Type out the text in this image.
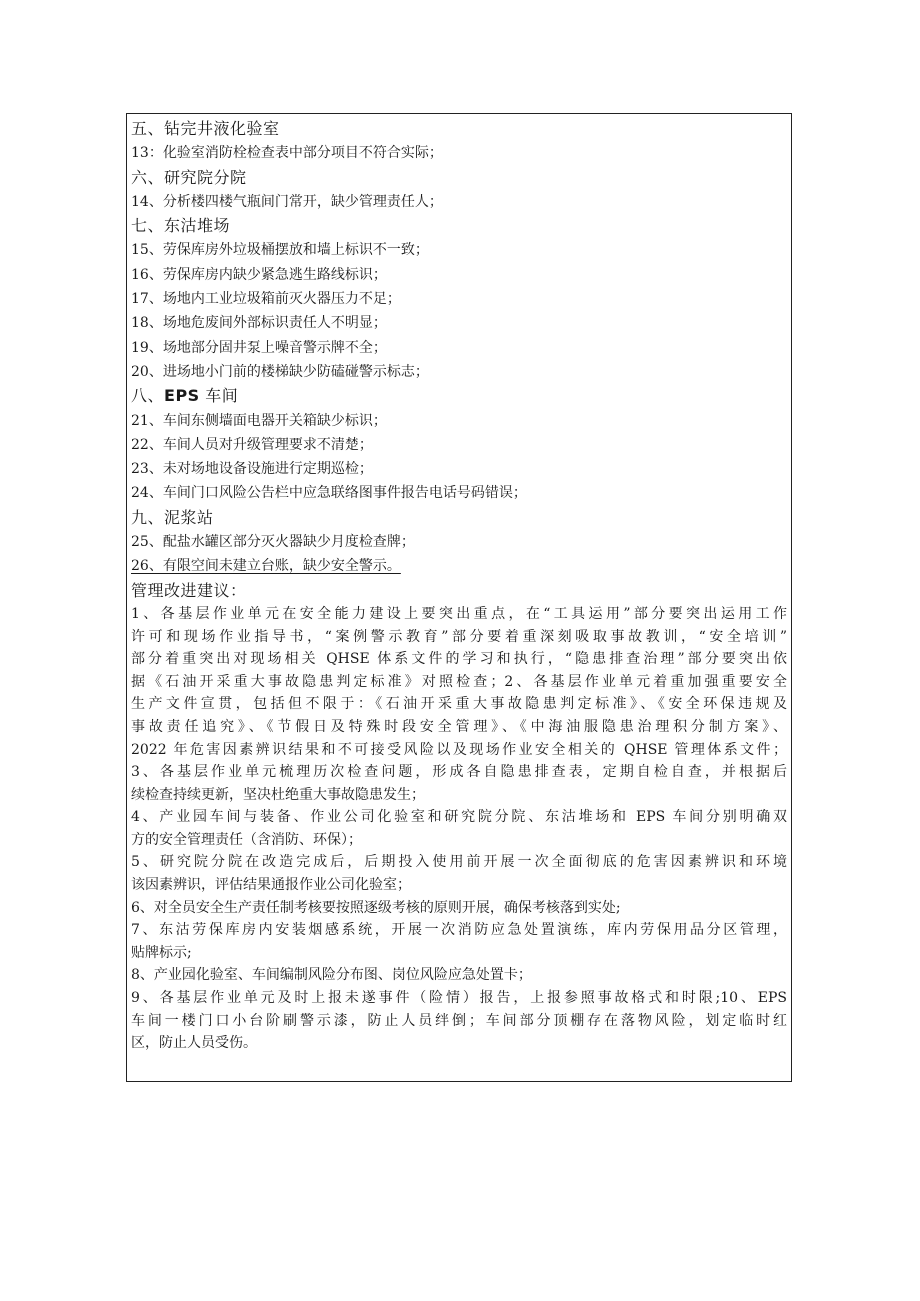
五、钻完井液化验室
13：化验室消防栓检查表中部分项目不符合实际；
六、研究院分院
14、分析楼四楼气瓶间门常开，缺少管理责任人；
七、东沽堆场
15、劳保库房外垃圾桶摆放和墙上标识不一致；
16、劳保库房内缺少紧急逃生路线标识；
17、场地内工业垃圾箱前灭火器压力不足；
18、场地危废间外部标识责任人不明显；
19、场地部分固井泵上噪音警示牌不全；
20、进场地小门前的楼梯缺少防磕碰警示标志；
八、EPS 车间
21、车间东侧墙面电器开关箱缺少标识；
22、车间人员对升级管理要求不清楚；
23、未对场地设备设施进行定期巡检；
24、车间门口风险公告栏中应急联络图事件报告电话号码错误；
九、泥浆站
25、配盐水罐区部分灭火器缺少月度检查牌；
26、有限空间未建立台账，缺少安全警示。
管理改进建议：
1、各基层作业单元在安全能力建设上要突出重点，在“工具运用”部分要突出运用工作
许可和现场作业指导书，“案例警示教育”部分要着重深刻吸取事故教训，“安全培训”
部分着重突出对现场相关 QHSE 体系文件的学习和执行，“隐患排查治理”部分要突出依
据《石油开采重大事故隐患判定标准》对照检查；2、各基层作业单元着重加强重要安全
生产文件宣贯，包括但不限于：《石油开采重大事故隐患判定标准》、《安全环保违规及
事故责任追究》、《节假日及特殊时段安全管理》、《中海油服隐患治理积分制方案》、
2022 年危害因素辨识结果和不可接受风险以及现场作业安全相关的 QHSE 管理体系文件；
3、各基层作业单元梳理历次检查问题，形成各自隐患排查表，定期自检自查，并根据后
续检查持续更新，坚决杜绝重大事故隐患发生；
4、产业园车间与装备、作业公司化验室和研究院分院、东沽堆场和 EPS 车间分别明确双
方的安全管理责任（含消防、环保）；
5、研究院分院在改造完成后，后期投入使用前开展一次全面彻底的危害因素辨识和环境
该因素辨识，评估结果通报作业公司化验室；
6、对全员安全生产责任制考核要按照逐级考核的原则开展，确保考核落到实处;
7、东沽劳保库房内安装烟感系统，开展一次消防应急处置演练，库内劳保用品分区管理，
贴牌标示;
8、产业园化验室、车间编制风险分布图、岗位风险应急处置卡；
9、各基层作业单元及时上报未遂事件（险情）报告，上报参照事故格式和时限;10、EPS
车间一楼门口小台阶刷警示漆，防止人员绊倒；车间部分顶棚存在落物风险，划定临时红
区，防止人员受伤。
